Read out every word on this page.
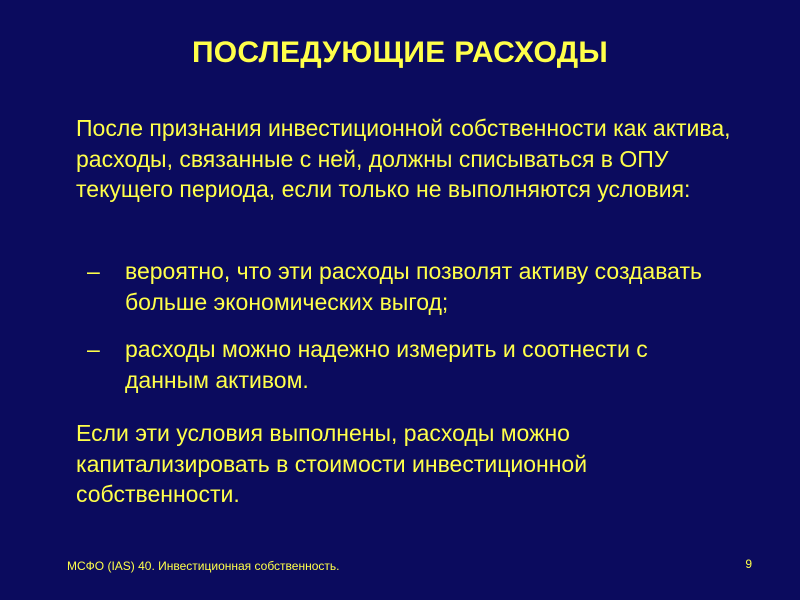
ПОСЛЕДУЮЩИЕ РАСХОДЫ
После признания инвестиционной собственности как актива, расходы, связанные с ней, должны списываться в ОПУ текущего периода, если только не выполняются условия:
– вероятно, что эти расходы позволят активу создавать больше экономических выгод;
– расходы можно надежно измерить и соотнести с данным активом.
Если эти условия выполнены, расходы можно капитализировать в стоимости инвестиционной собственности.
МСФО (IAS) 40. Инвестиционная собственность.	9
